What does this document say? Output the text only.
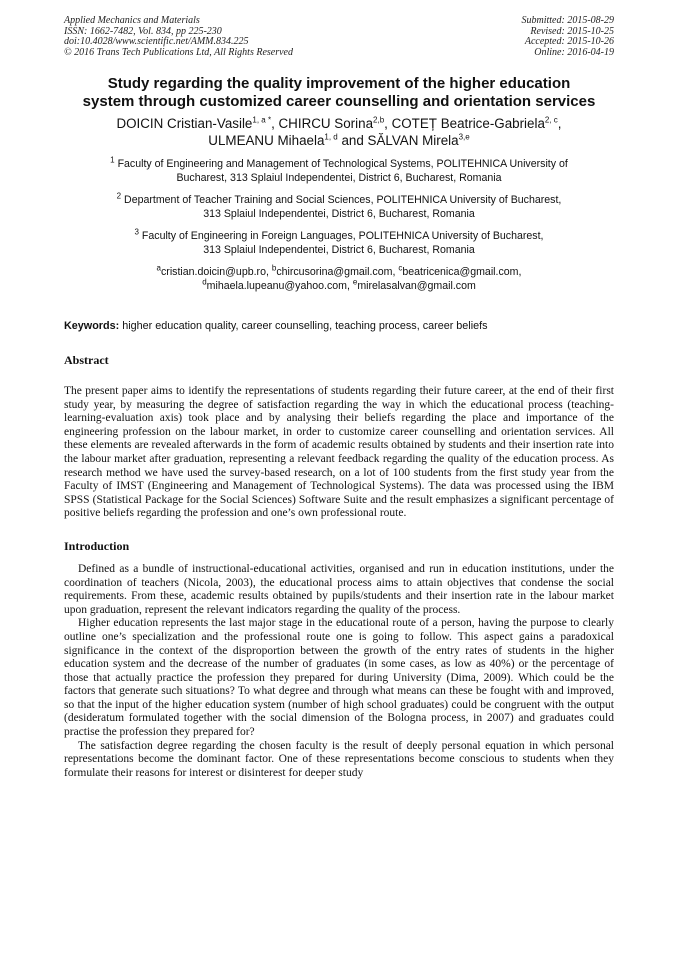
Applied Mechanics and Materials
ISSN: 1662-7482, Vol. 834, pp 225-230
doi:10.4028/www.scientific.net/AMM.834.225
© 2016 Trans Tech Publications Ltd, All Rights Reserved
Submitted: 2015-08-29
Revised: 2015-10-25
Accepted: 2015-10-26
Online: 2016-04-19
Study regarding the quality improvement of the higher education
system through customized career counselling and orientation services
DOICIN Cristian-Vasile$^{1, a *}$, CHIRCU Sorina$^{2,b}$, COTEȚ Beatrice-Gabriela$^{2, c}$,
ULMEANU Mihaela$^{1, d}$ and SĂLVAN Mirela$^{3,e}$
$^1$ Faculty of Engineering and Management of Technological Systems, POLITEHNICA University of
Bucharest, 313 Splaiul Independentei, District 6, Bucharest, Romania
$^2$ Department of Teacher Training and Social Sciences, POLITEHNICA University of Bucharest,
313 Splaiul Independentei, District 6, Bucharest, Romania
$^3$ Faculty of Engineering in Foreign Languages, POLITEHNICA University of Bucharest,
313 Splaiul Independentei, District 6, Bucharest, Romania
$^a$cristian.doicin@upb.ro, $^b$chircusorina@gmail.com, $^c$beatricenica@gmail.com,
$^d$mihaela.lupeanu@yahoo.com, $^e$mirelasalvan@gmail.com
Keywords: higher education quality, career counselling, teaching process, career beliefs
Abstract

The present paper aims to identify the representations of students regarding their future career, at the end of their first study year, by measuring the degree of satisfaction regarding the way in which the educational process (teaching-learning-evaluation axis) took place and by analysing their beliefs regarding the place and importance of the engineering profession on the labour market, in order to customize career counselling and orientation services. All these elements are revealed afterwards in the form of academic results obtained by students and their insertion rate into the labour market after graduation, representing a relevant feedback regarding the quality of the education process. As research method we have used the survey-based research, on a lot of 100 students from the first study year from the Faculty of IMST (Engineering and Management of Technological Systems). The data was processed using the IBM SPSS (Statistical Package for the Social Sciences) Software Suite and the result emphasizes a significant percentage of positive beliefs regarding the profession and one’s own professional route.

Introduction

Defined as a bundle of instructional-educational activities, organised and run in education institutions, under the coordination of teachers (Nicola, 2003), the educational process aims to attain objectives that condense the social requirements. From these, academic results obtained by pupils/students and their insertion rate in the labour market upon graduation, represent the relevant indicators regarding the quality of the process.

Higher education represents the last major stage in the educational route of a person, having the purpose to clearly outline one’s specialization and the professional route one is going to follow. This aspect gains a paradoxical significance in the context of the disproportion between the growth of the entry rates of students in the higher education system and the decrease of the number of graduates (in some cases, as low as 40%) or the percentage of those that actually practice the profession they prepared for during University (Dima, 2009). Which could be the factors that generate such situations? To what degree and through what means can these be fought with and improved, so that the input of the higher education system (number of high school graduates) could be congruent with the output (desideratum formulated together with the social dimension of the Bologna process, in 2007) and graduates could practise the profession they prepared for?

The satisfaction degree regarding the chosen faculty is the result of deeply personal equation in which personal representations become the dominant factor. One of these representations become conscious to students when they formulate their reasons for interest or disinterest for deeper study
